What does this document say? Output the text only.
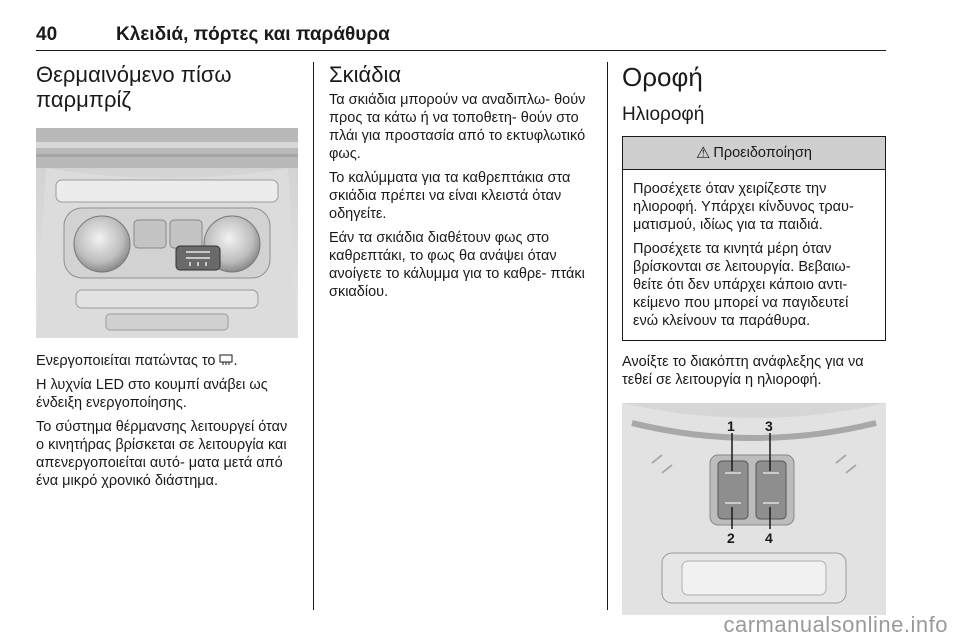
40	Κλειδιά, πόρτες και παράθυρα
Θερμαινόμενο πίσω
παρμπρίζ

Ενεργοποιείται πατώντας το .

Η λυχνία LED στο κουμπί ανάβει ως ένδειξη ενεργοποίησης.

Το σύστημα θέρμανσης λειτουργεί όταν ο κινητήρας βρίσκεται σε λειτουργία και απενεργοποιείται αυτό- ματα μετά από ένα μικρό χρονικό διάστημα.

Σκιάδια

Τα σκιάδια μπορούν να αναδιπλω- θούν προς τα κάτω ή να τοποθετη- θούν στο πλάι για προστασία από το εκτυφλωτικό φως.

Το καλύμματα για τα καθρεπτάκια στα σκιάδια πρέπει να είναι κλειστά όταν οδηγείτε.

Εάν τα σκιάδια διαθέτουν φως στο καθρεπτάκι, το φως θα ανάψει όταν ανοίγετε το κάλυμμα για το καθρε- πτάκι σκιαδίου.

Οροφή
Ηλιοροφή
⚠ Προειδοποίηση

Προσέχετε όταν χειρίζεστε την ηλιοροφή. Υπάρχει κίνδυνος τραυ- ματισμού, ιδίως για τα παιδιά.

Προσέχετε τα κινητά μέρη όταν βρίσκονται σε λειτουργία. Βεβαιω- θείτε ότι δεν υπάρχει κάποιο αντι- κείμενο που μπορεί να παγιδευτεί ενώ κλείνουν τα παράθυρα.

Ανοίξτε το διακόπτη ανάφλεξης για να τεθεί σε λειτουργία η ηλιοροφή.

1 3
2 4
carmanualsonline.info
